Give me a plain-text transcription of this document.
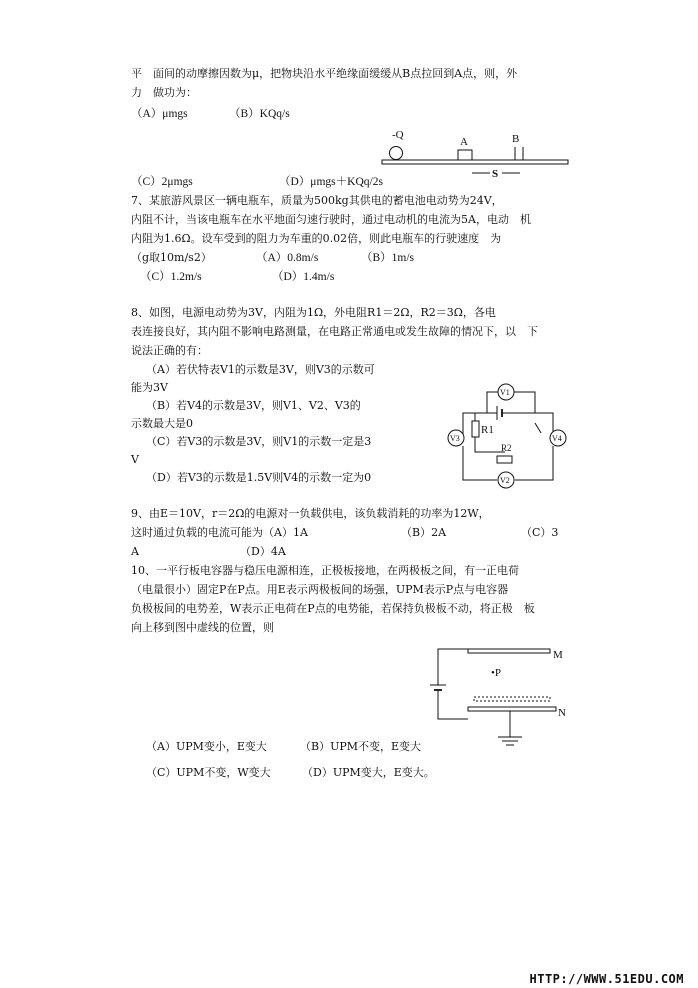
平　面间的动摩擦因数为μ，把物块沿水平绝缘面缓缓从B点拉回到A点，则，外
力　做功为：
（A）μmgs	（B）KQq/s
-Q
A	B
S
（C）2μmgs	（D）μmgs＋KQq/2s
7、某旅游风景区一辆电瓶车，质量为500kg其供电的蓄电池电动势为24V，
内阻不计，当该电瓶车在水平地面匀速行驶时，通过电动机的电流为5A，电动　机
内阻为1.6Ω。设车受到的阻力为车重的0.02倍，则此电瓶车的行驶速度　为
（g取10m/s2）	（A）0.8m/s	（B）1m/s
（C）1.2m/s	（D）1.4m/s
8、如图，电源电动势为3V，内阻为1Ω，外电阻R1＝2Ω，R2＝3Ω，各电
表连接良好，其内阻不影响电路测量，在电路正常通电或发生故障的情况下，以　下
说法正确的有：
（A）若伏特表V1的示数是3V，则V3的示数可
能为3V
（B）若V4的示数是3V，则V1、V2、V3的
示数最大是0
（C）若V3的示数是3V，则V1的示数一定是3
V
（D）若V3的示数是1.5V则V4的示数一定为0
V1
R1
V3	V4
R2
V2
9、由E＝10V，r＝2Ω的电源对一负载供电，该负载消耗的功率为12W，
这时通过负载的电流可能为（A）1A	（B）2A	（C）3
A	（D）4A
10、一平行板电容器与稳压电源相连，正极板接地，在两极板之间，有一正电荷
（电量很小）固定P在P点。用E表示两极板间的场强，UPM表示P点与电容器
负极板间的电势差，W表示正电荷在P点的电势能，若保持负极板不动，将正极　板
向上移到图中虚线的位置，则
M
•P
N
（A）UPM变小，E变大	（B）UPM不变，E变大
（C）UPM不变，W变大	（D）UPM变大，E变大。
HTTP://WWW.51EDU.COM
